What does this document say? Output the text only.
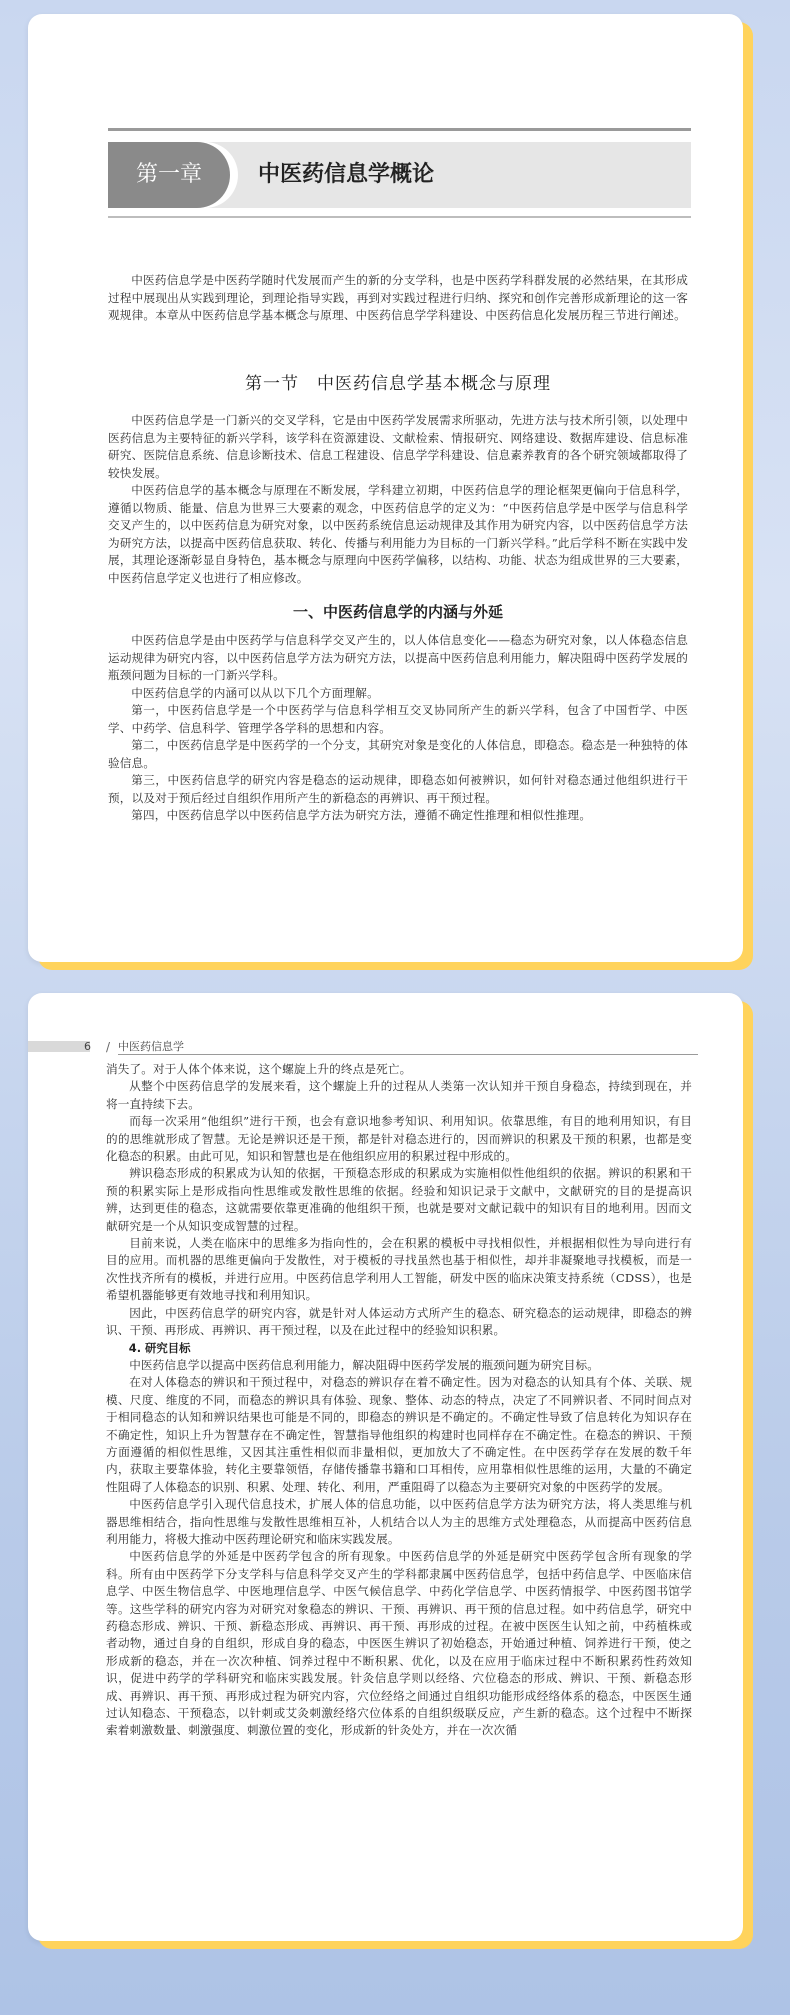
第一章	中医药信息学概论

中医药信息学是中医药学随时代发展而产生的新的分支学科，也是中医药学科群发展的必然结果，在其形成过程中展现出从实践到理论，到理论指导实践，再到对实践过程进行归纳、探究和创作完善形成新理论的这一客观规律。本章从中医药信息学基本概念与原理、中医药信息学学科建设、中医药信息化发展历程三节进行阐述。

第一节　中医药信息学基本概念与原理

中医药信息学是一门新兴的交叉学科，它是由中医药学发展需求所驱动，先进方法与技术所引领，以处理中医药信息为主要特征的新兴学科，该学科在资源建设、文献检索、情报研究、网络建设、数据库建设、信息标准研究、医院信息系统、信息诊断技术、信息工程建设、信息学学科建设、信息素养教育的各个研究领域都取得了较快发展。

中医药信息学的基本概念与原理在不断发展，学科建立初期，中医药信息学的理论框架更偏向于信息科学，遵循以物质、能量、信息为世界三大要素的观念，中医药信息学的定义为：“中医药信息学是中医学与信息科学交叉产生的，以中医药信息为研究对象，以中医药系统信息运动规律及其作用为研究内容，以中医药信息学方法为研究方法，以提高中医药信息获取、转化、传播与利用能力为目标的一门新兴学科。”此后学科不断在实践中发展，其理论逐渐彰显自身特色，基本概念与原理向中医药学偏移，以结构、功能、状态为组成世界的三大要素，中医药信息学定义也进行了相应修改。

一、中医药信息学的内涵与外延

中医药信息学是由中医药学与信息科学交叉产生的，以人体信息变化——稳态为研究对象，以人体稳态信息运动规律为研究内容，以中医药信息学方法为研究方法，以提高中医药信息利用能力，解决阻碍中医药学发展的瓶颈问题为目标的一门新兴学科。

中医药信息学的内涵可以从以下几个方面理解。

第一，中医药信息学是一个中医药学与信息科学相互交叉协同所产生的新兴学科，包含了中国哲学、中医学、中药学、信息科学、管理学各学科的思想和内容。

第二，中医药信息学是中医药学的一个分支，其研究对象是变化的人体信息，即稳态。稳态是一种独特的体验信息。

第三，中医药信息学的研究内容是稳态的运动规律，即稳态如何被辨识，如何针对稳态通过他组织进行干预，以及对于预后经过自组织作用所产生的新稳态的再辨识、再干预过程。

第四，中医药信息学以中医药信息学方法为研究方法，遵循不确定性推理和相似性推理。

6 / 中医药信息学

消失了。对于人体个体来说，这个螺旋上升的终点是死亡。

从整个中医药信息学的发展来看，这个螺旋上升的过程从人类第一次认知并干预自身稳态，持续到现在，并将一直持续下去。

而每一次采用“他组织”进行干预，也会有意识地参考知识、利用知识。依靠思维，有目的地利用知识，有目的的思维就形成了智慧。无论是辨识还是干预，都是针对稳态进行的，因而辨识的积累及干预的积累，也都是变化稳态的积累。由此可见，知识和智慧也是在他组织应用的积累过程中形成的。

辨识稳态形成的积累成为认知的依据，干预稳态形成的积累成为实施相似性他组织的依据。辨识的积累和干预的积累实际上是形成指向性思维或发散性思维的依据。经验和知识记录于文献中，文献研究的目的是提高识辨，达到更佳的稳态，这就需要依靠更准确的他组织干预，也就是要对文献记载中的知识有目的地利用。因而文献研究是一个从知识变成智慧的过程。

目前来说，人类在临床中的思维多为指向性的，会在积累的模板中寻找相似性，并根据相似性为导向进行有目的应用。而机器的思维更偏向于发散性，对于模板的寻找虽然也基于相似性，却并非凝聚地寻找模板，而是一次性找齐所有的模板，并进行应用。中医药信息学利用人工智能，研发中医的临床决策支持系统（CDSS），也是希望机器能够更有效地寻找和利用知识。

因此，中医药信息学的研究内容，就是针对人体运动方式所产生的稳态、研究稳态的运动规律，即稳态的辨识、干预、再形成、再辨识、再干预过程，以及在此过程中的经验知识积累。

4. 研究目标

中医药信息学以提高中医药信息利用能力，解决阻碍中医药学发展的瓶颈问题为研究目标。

在对人体稳态的辨识和干预过程中，对稳态的辨识存在着不确定性。因为对稳态的认知具有个体、关联、规模、尺度、维度的不同，而稳态的辨识具有体验、现象、整体、动态的特点，决定了不同辨识者、不同时间点对于相同稳态的认知和辨识结果也可能是不同的，即稳态的辨识是不确定的。不确定性导致了信息转化为知识存在不确定性，知识上升为智慧存在不确定性，智慧指导他组织的构建时也同样存在不确定性。在稳态的辨识、干预方面遵循的相似性思维，又因其注重性相似而非量相似，更加放大了不确定性。在中医药学存在发展的数千年内，获取主要靠体验，转化主要靠领悟，存储传播靠书籍和口耳相传，应用靠相似性思维的运用，大量的不确定性阻碍了人体稳态的识别、积累、处理、转化、利用，严重阻碍了以稳态为主要研究对象的中医药学的发展。

中医药信息学引入现代信息技术，扩展人体的信息功能，以中医药信息学方法为研究方法，将人类思维与机器思维相结合，指向性思维与发散性思维相互补，人机结合以人为主的思维方式处理稳态，从而提高中医药信息利用能力，将极大推动中医药理论研究和临床实践发展。

中医药信息学的外延是中医药学包含的所有现象。中医药信息学的外延是研究中医药学包含所有现象的学科。所有由中医药学下分支学科与信息科学交叉产生的学科都隶属中医药信息学，包括中药信息学、中医临床信息学、中医生物信息学、中医地理信息学、中医气候信息学、中药化学信息学、中医药情报学、中医药图书馆学等。这些学科的研究内容为对研究对象稳态的辨识、干预、再辨识、再干预的信息过程。如中药信息学，研究中药稳态形成、辨识、干预、新稳态形成、再辨识、再干预、再形成的过程。在被中医医生认知之前，中药植株或者动物，通过自身的自组织，形成自身的稳态，中医医生辨识了初始稳态，开始通过种植、饲养进行干预，使之形成新的稳态，并在一次次种植、饲养过程中不断积累、优化，以及在应用于临床过程中不断积累药性药效知识，促进中药学的学科研究和临床实践发展。针灸信息学则以经络、穴位稳态的形成、辨识、干预、新稳态形成、再辨识、再干预、再形成过程为研究内容，穴位经络之间通过自组织功能形成经络体系的稳态，中医医生通过认知稳态、干预稳态，以针刺或艾灸刺激经络穴位体系的自组织级联反应，产生新的稳态。这个过程中不断探索着刺激数量、刺激强度、刺激位置的变化，形成新的针灸处方，并在一次次循
